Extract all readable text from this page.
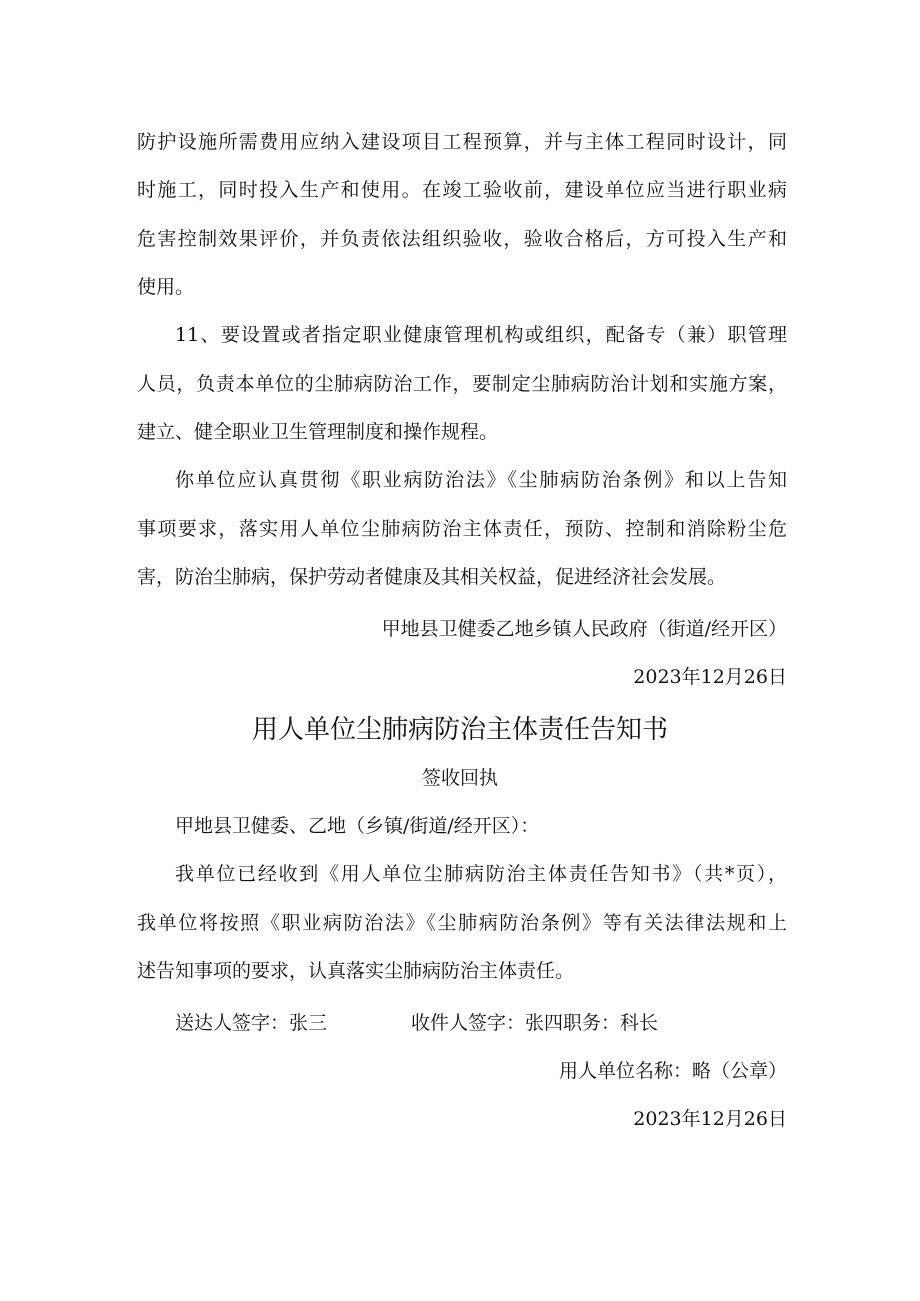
防护设施所需费用应纳入建设项目工程预算，并与主体工程同时设计，同
时施工，同时投入生产和使用。在竣工验收前，建设单位应当进行职业病
危害控制效果评价，并负责依法组织验收，验收合格后，方可投入生产和
使用。
11、要设置或者指定职业健康管理机构或组织，配备专（兼）职管理
人员，负责本单位的尘肺病防治工作，要制定尘肺病防治计划和实施方案，
建立、健全职业卫生管理制度和操作规程。
你单位应认真贯彻《职业病防治法》《尘肺病防治条例》和以上告知
事项要求，落实用人单位尘肺病防治主体责任，预防、控制和消除粉尘危
害，防治尘肺病，保护劳动者健康及其相关权益，促进经济社会发展。
甲地县卫健委乙地乡镇人民政府（街道/经开区）
2023年12月26日
用人单位尘肺病防治主体责任告知书
签收回执
甲地县卫健委、乙地（乡镇/街道/经开区）：
我单位已经收到《用人单位尘肺病防治主体责任告知书》（共*页），
我单位将按照《职业病防治法》《尘肺病防治条例》等有关法律法规和上
述告知事项的要求，认真落实尘肺病防治主体责任。
送达人签字：张三	收件人签字：张四职务：科长
用人单位名称：略（公章）
2023年12月26日
